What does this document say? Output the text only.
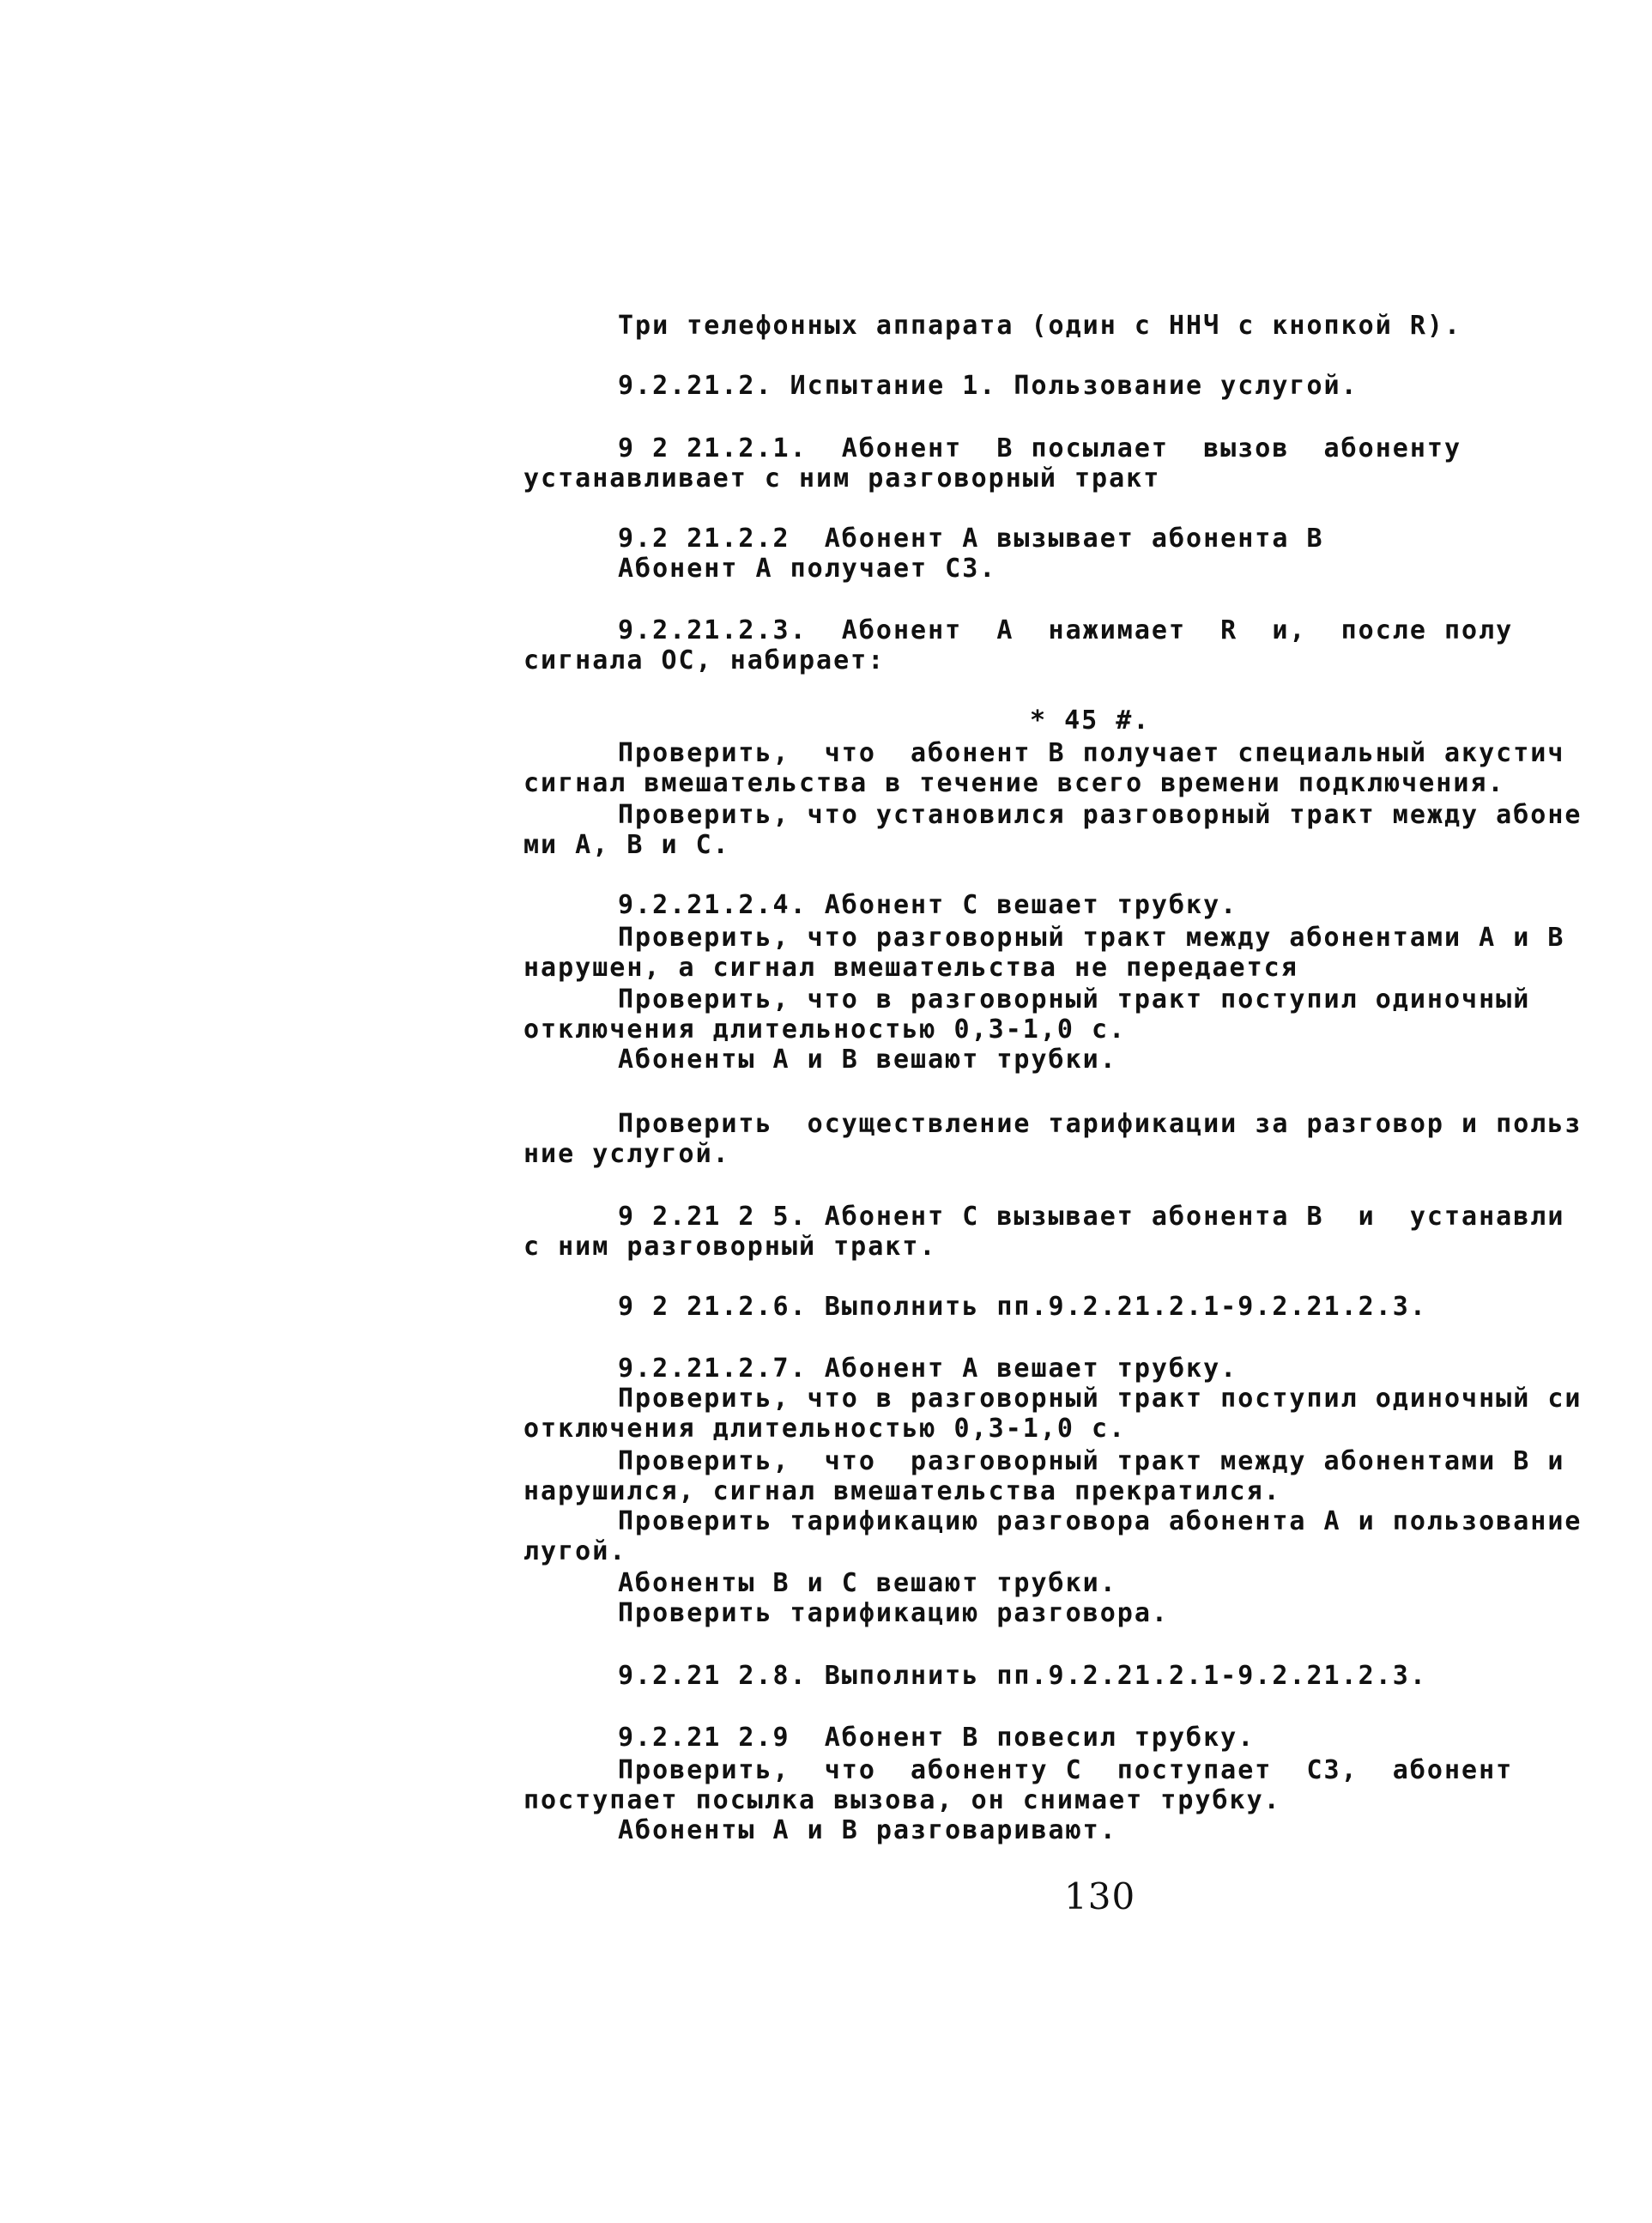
Три телефонных аппарата (один с ННЧ с кнопкой R).
9.2.21.2. Испытание 1. Пользование услугой.
9 2 21.2.1.  Абонент  B посылает  вызов  абоненту
устанавливает с ним разговорный тракт
9.2 21.2.2  Абонент A вызывает абонента B
Абонент A получает СЗ.
9.2.21.2.3.  Абонент  A  нажимает  R  и,  после полу
сигнала ОС, набирает:
* 45 #.
Проверить,  что  абонент B получает специальный акустич
сигнал вмешательства в течение всего времени подключения.
Проверить, что установился разговорный тракт между абоне
ми A, B и C.
9.2.21.2.4. Абонент C вешает трубку.
Проверить, что разговорный тракт между абонентами A и B
нарушен, а сигнал вмешательства не передается
Проверить, что в разговорный тракт поступил одиночный
отключения длительностью 0,3-1,0 с.
Абоненты A и B вешают трубки.
Проверить  осуществление тарификации за разговор и польз
ние услугой.
9 2.21 2 5. Абонент C вызывает абонента B  и  устанавли
с ним разговорный тракт.
9 2 21.2.6. Выполнить пп.9.2.21.2.1-9.2.21.2.3.
9.2.21.2.7. Абонент A вешает трубку.
Проверить, что в разговорный тракт поступил одиночный си
отключения длительностью 0,3-1,0 с.
Проверить,  что  разговорный тракт между абонентами B и
нарушился, сигнал вмешательства прекратился.
Проверить тарификацию разговора абонента A и пользование
лугой.
Абоненты B и C вешают трубки.
Проверить тарификацию разговора.
9.2.21 2.8. Выполнить пп.9.2.21.2.1-9.2.21.2.3.
9.2.21 2.9  Абонент B повесил трубку.
Проверить,  что  абоненту C  поступает  СЗ,  абонент
поступает посылка вызова, он снимает трубку.
Абоненты A и B разговаривают.
130
